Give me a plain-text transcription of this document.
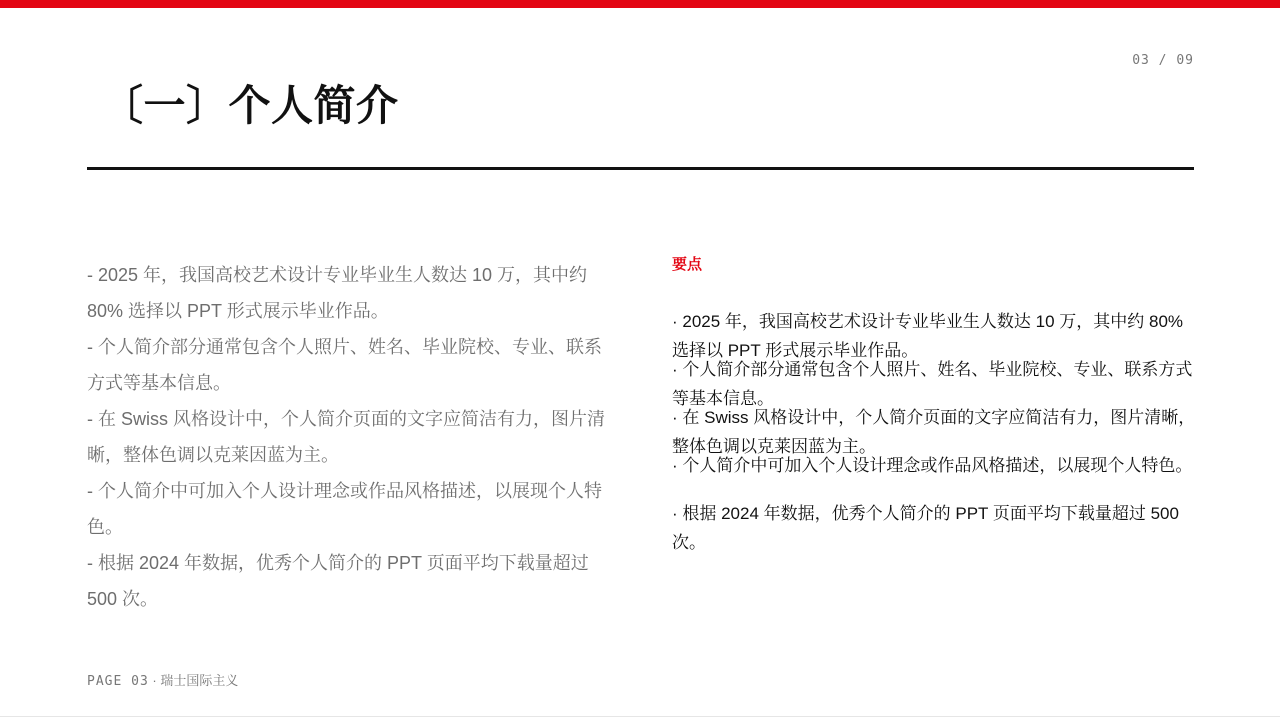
03 / 09
〔一〕个人简介

- 2025 年，我国高校艺术设计专业毕业生人数达 10 万，其中约 80% 选择以 PPT 形式展示毕业作品。

- 个人简介部分通常包含个人照片、姓名、毕业院校、专业、联系方式等基本信息。

- 在 Swiss 风格设计中，个人简介页面的文字应简洁有力，图片清晰，整体色调以克莱因蓝为主。

- 个人简介中可加入个人设计理念或作品风格描述，以展现个人特色。

- 根据 2024 年数据，优秀个人简介的 PPT 页面平均下载量超过 500 次。

要点

· 2025 年，我国高校艺术设计专业毕业生人数达 10 万，其中约 80% 选择以 PPT 形式展示毕业作品。

· 个人简介部分通常包含个人照片、姓名、毕业院校、专业、联系方式等基本信息。

· 在 Swiss 风格设计中，个人简介页面的文字应简洁有力，图片清晰，整体色调以克莱因蓝为主。

· 个人简介中可加入个人设计理念或作品风格描述，以展现个人特色。

· 根据 2024 年数据，优秀个人简介的 PPT 页面平均下载量超过 500 次。

PAGE 03 · 瑞士国际主义
